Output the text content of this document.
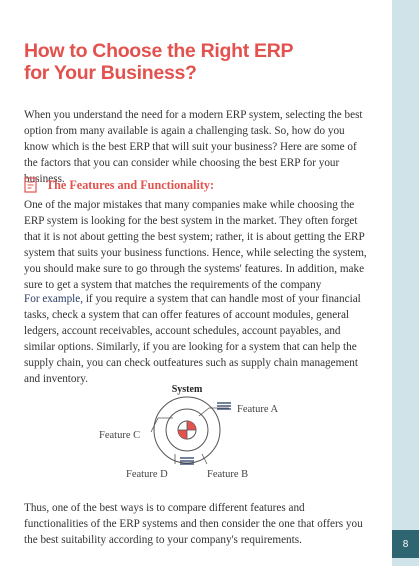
How to Choose the Right ERP
for Your Business?

When you understand the need for a modern ERP system, selecting the best option from many available is again a challenging task. So, how do you know which is the best ERP that will suit your business? Here are some of the factors that you can consider while choosing the best ERP for your business.

The Features and Functionality:

One of the major mistakes that many companies make while choosing the ERP system is looking for the best system in the market. They often forget that it is not about getting the best system; rather, it is about getting the ERP system that suits your business functions. Hence, while selecting the system, you should make sure to go through the systems' features. In addition, make sure to get a system that matches the requirements of the company

For example, if you require a system that can handle most of your financial tasks, check a system that can offer features of account modules, general ledgers, account receivables, account schedules, account payables, and similar options. Similarly, if you are looking for a system that can help the supply chain, you can check outfeatures such as supply chain management and inventory.

System
Feature A
Feature C
Feature D	Feature B

Thus, one of the best ways is to compare different features and functionalities of the ERP systems and then consider the one that offers you the best suitability according to your company's requirements.	8
